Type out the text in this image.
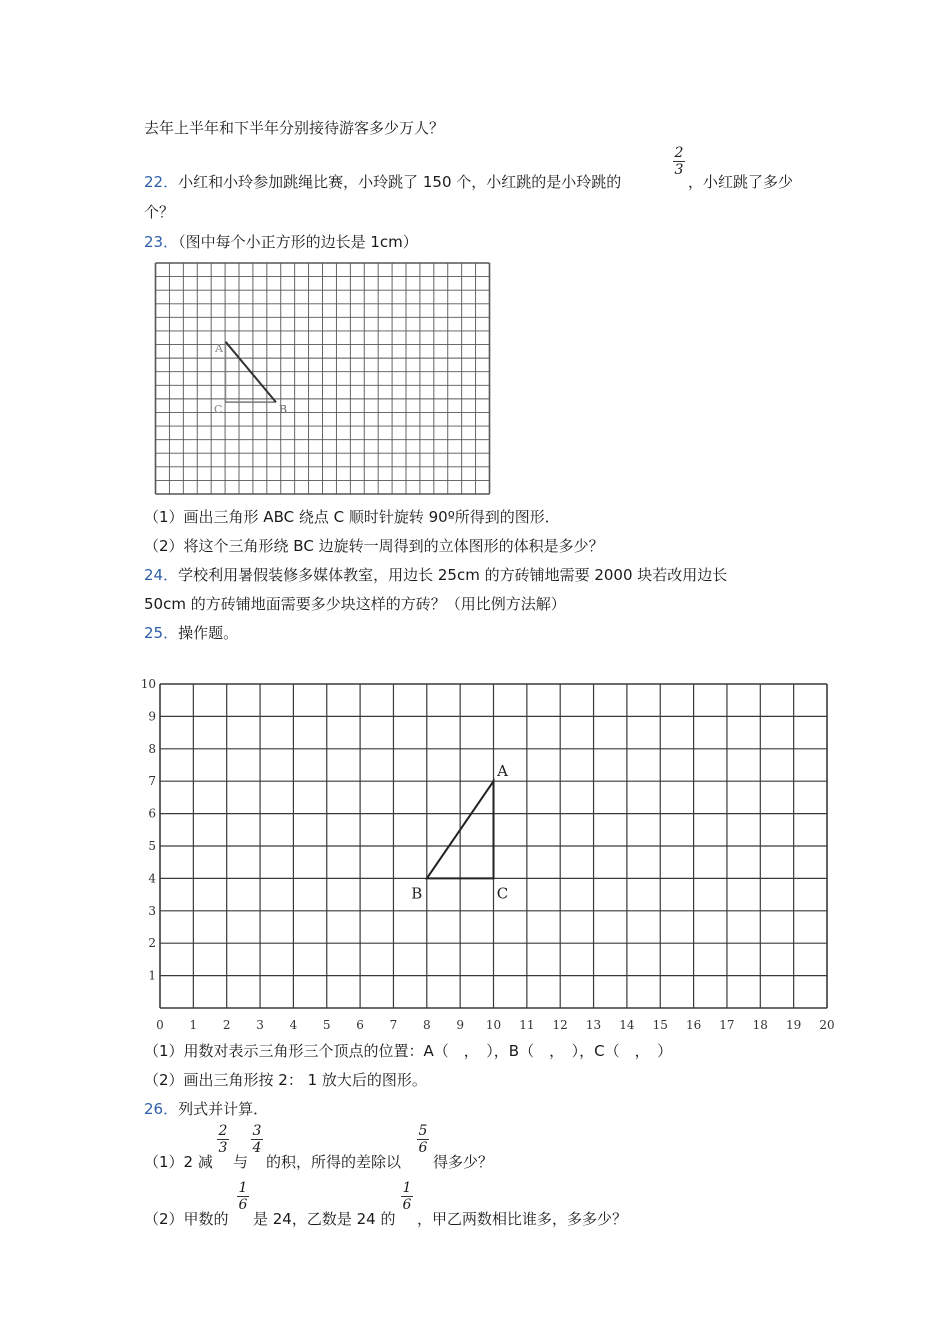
去年上半年和下半年分别接待游客多少万人？
22．小红和小玲参加跳绳比赛，小玲跳了 150 个，小红跳的是小玲跳的
2
3
，小红跳了多少
个？
23．（图中每个小正方形的边长是 1cm）
A
C	B
（1）画出三角形 ABC 绕点 C 顺时针旋转 90º所得到的图形．
（2）将这个三角形绕 BC 边旋转一周得到的立体图形的体积是多少？
24．学校利用暑假装修多媒体教室，用边长 25cm 的方砖铺地需要 2000 块若改用边长
50cm 的方砖铺地面需要多少块这样的方砖？（用比例方法解）
25．操作题。
0 1 2 3 4 5 6 7 8 9 10 11 12 13 14 15 16 17 18 19 20
1
2
3
4
5
6
7
8
9
10
A
B	C
（1）用数对表示三角形三个顶点的位置：A（　，　），B（　，　），C（　，　）
（2）画出三角形按 2： 1 放大后的图形。
26．列式并计算．
（1）2 减
2
3
与
3
4
的积，所得的差除以
5
6
得多少？
（2）甲数的
1
6
是 24，乙数是 24 的
1
6
，甲乙两数相比谁多，多多少？
